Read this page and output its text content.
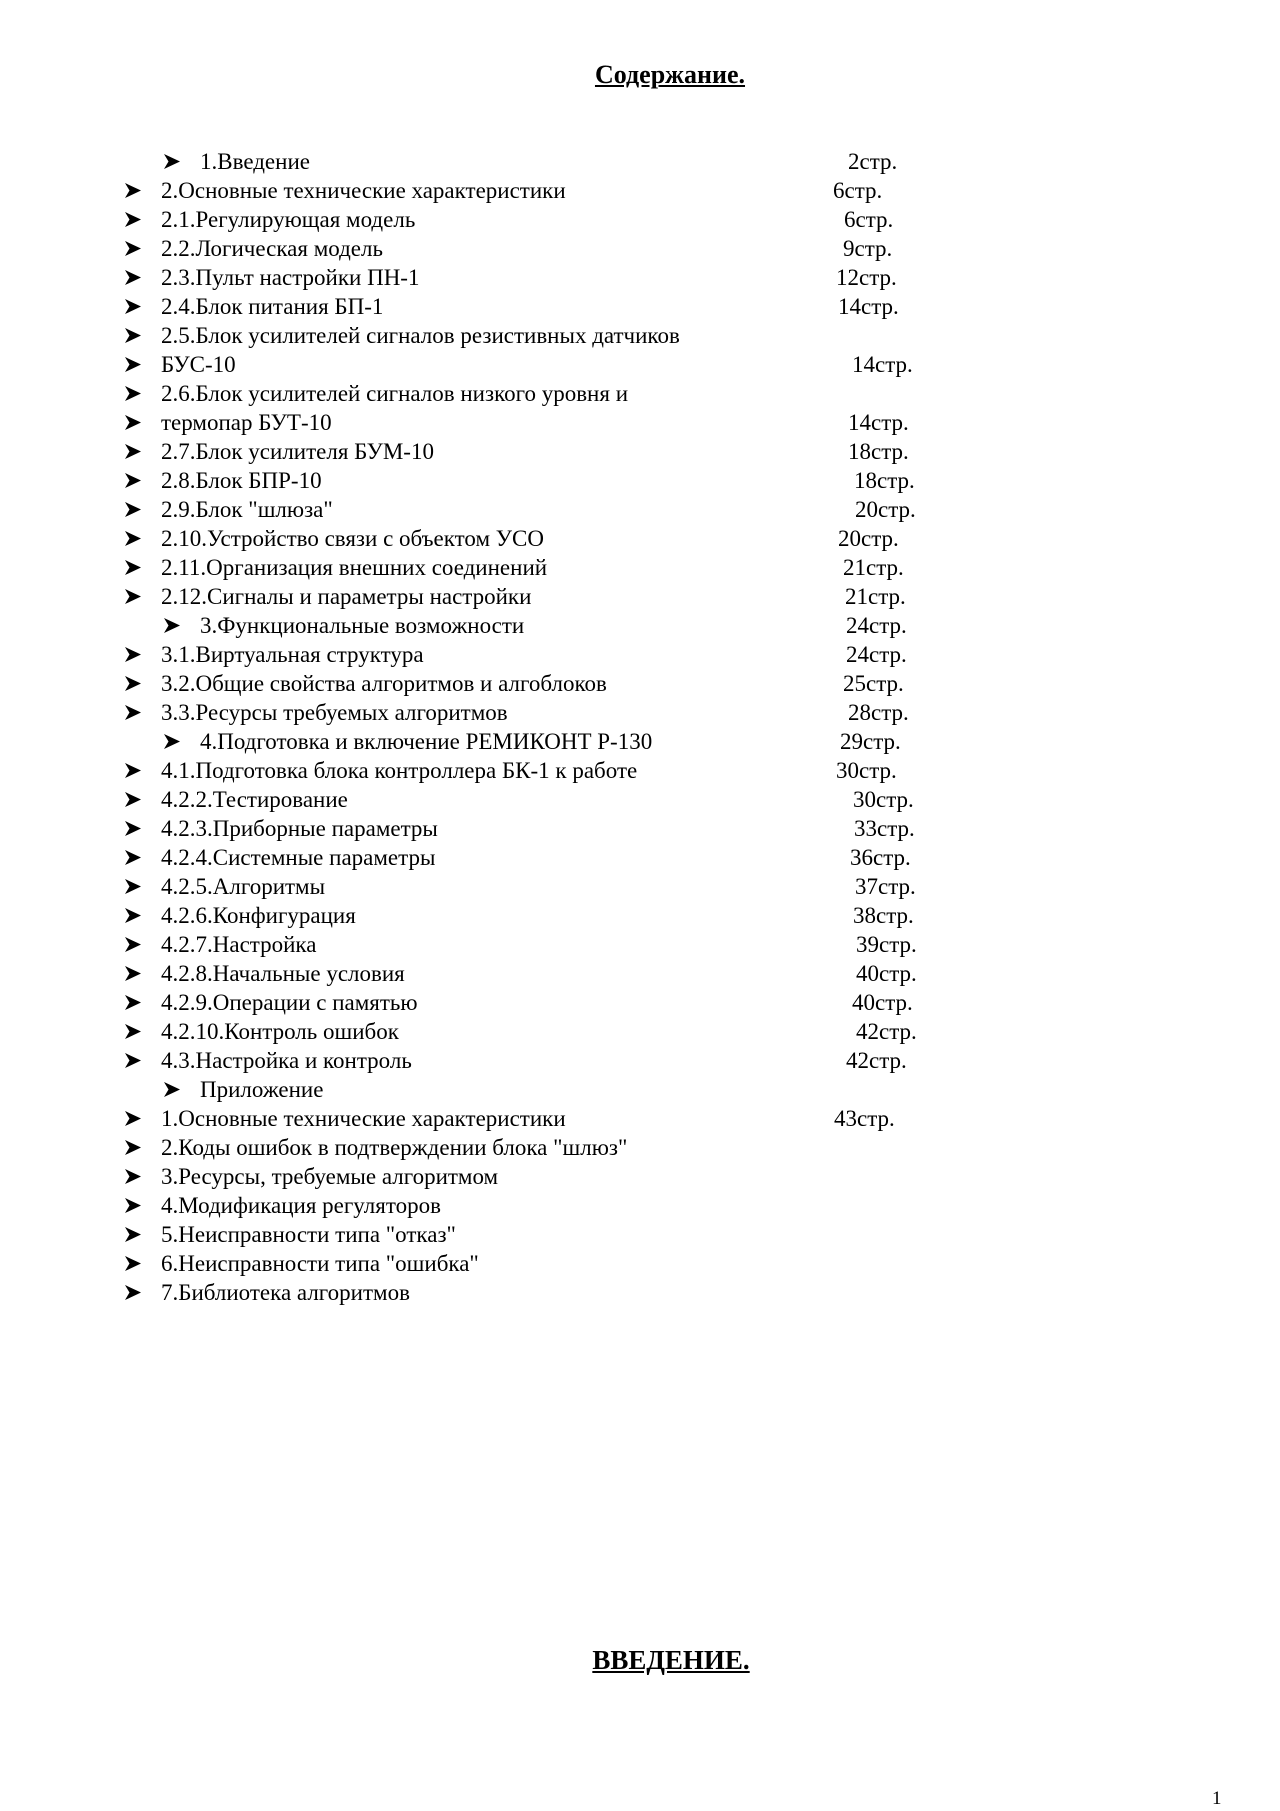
Содержание.
1.Введение	2стр.
2.Основные технические характеристики	6стр.
2.1.Регулирующая модель	6стр.
2.2.Логическая модель	9стр.
2.3.Пульт настройки ПН-1	12стр.
2.4.Блок питания БП-1	14стр.
2.5.Блок усилителей сигналов резистивных датчиков
БУС-10	14стр.
2.6.Блок усилителей сигналов низкого уровня и
термопар БУТ-10	14стр.
2.7.Блок усилителя БУМ-10	18стр.
2.8.Блок БПР-10	18стр.
2.9.Блок "шлюза"	20стр.
2.10.Устройство связи с объектом УСО	20стр.
2.11.Организация внешних соединений	21стр.
2.12.Сигналы и параметры настройки	21стр.
3.Функциональные возможности	24стр.
3.1.Виртуальная структура	24стр.
3.2.Общие свойства алгоритмов и алгоблоков	25стр.
3.3.Ресурсы требуемых алгоритмов	28стр.
4.Подготовка и включение РЕМИКОНТ Р-130	29стр.
4.1.Подготовка блока контроллера БК-1 к работе	30стр.
4.2.2.Тестирование	30стр.
4.2.3.Приборные параметры	33стр.
4.2.4.Системные параметры	36стр.
4.2.5.Алгоритмы	37стр.
4.2.6.Конфигурация	38стр.
4.2.7.Настройка	39стр.
4.2.8.Начальные условия	40стр.
4.2.9.Операции с памятью	40стр.
4.2.10.Контроль ошибок	42стр.
4.3.Настройка и контроль	42стр.
Приложение
1.Основные технические характеристики	43стр.
2.Коды ошибок в подтверждении блока "шлюз"
3.Ресурсы, требуемые алгоритмом
4.Модификация регуляторов
5.Неисправности типа "отказ"
6.Неисправности типа "ошибка"
7.Библиотека алгоритмов
ВВЕДЕНИЕ.
1
